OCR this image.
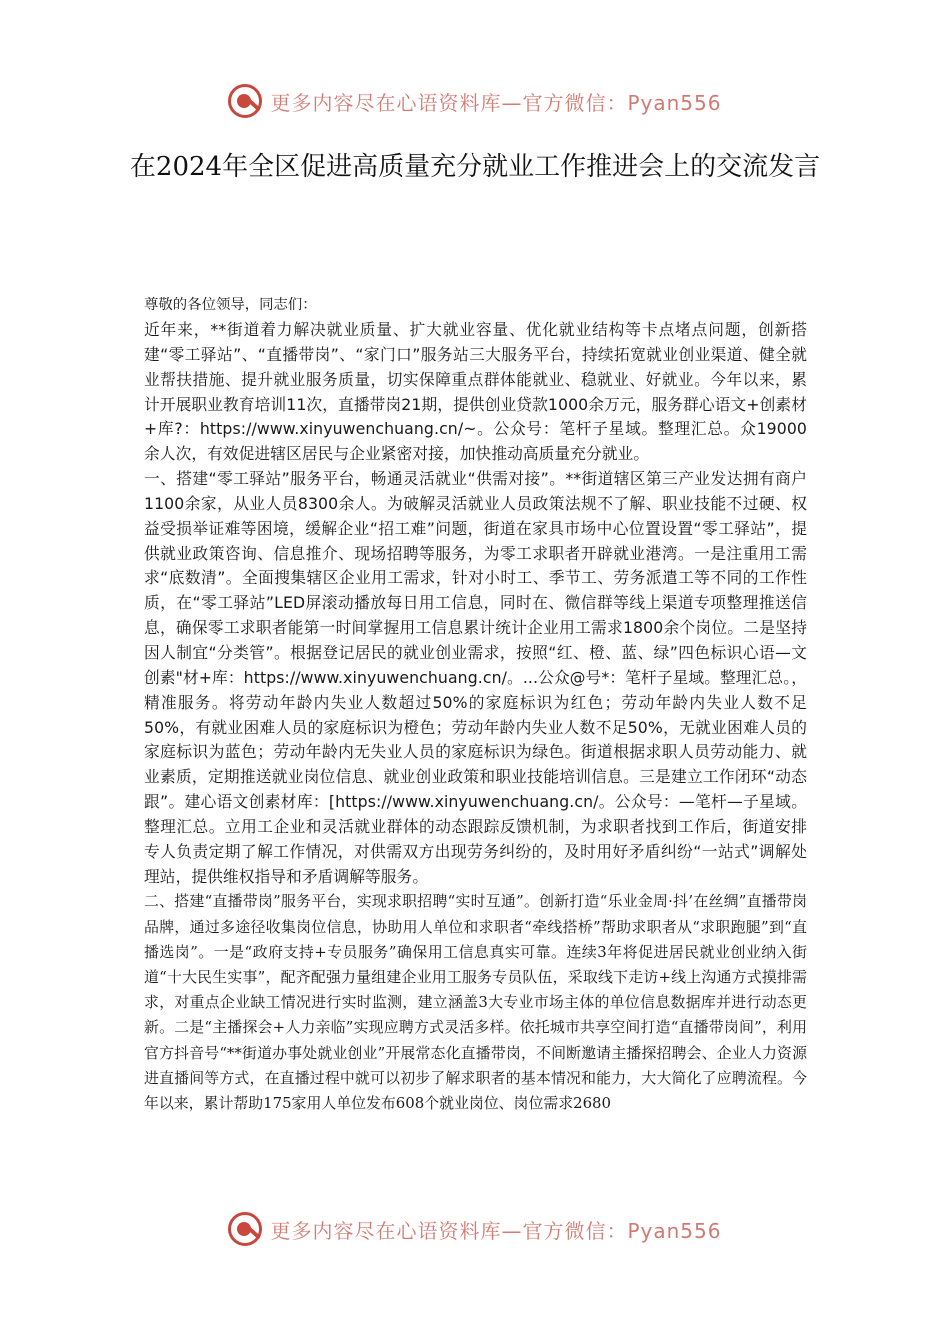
更多内容尽在心语资料库—官方微信：Pyan556
在2024年全区促进高质量充分就业工作推进会上的交流发言

尊敬的各位领导，同志们：

近年来，**街道着力解决就业质量、扩大就业容量、优化就业结构等卡点堵点问题，创新搭建“零工驿站”、“直播带岗”、“家门口”服务站三大服务平台，持续拓宽就业创业渠道、健全就业帮扶措施、提升就业服务质量，切实保障重点群体能就业、稳就业、好就业。今年以来，累计开展职业教育培训11次，直播带岗21期，提供创业贷款1000余万元，服务群心语文+创素材+库?：https://www.xinyuwenchuang.cn/~。公众号：笔杆子星域。整理汇总。众19000余人次，有效促进辖区居民与企业紧密对接，加快推动高质量充分就业。

一、搭建“零工驿站”服务平台，畅通灵活就业“供需对接”。**街道辖区第三产业发达拥有商户1100余家，从业人员8300余人。为破解灵活就业人员政策法规不了解、职业技能不过硬、权益受损举证难等困境，缓解企业“招工难”问题，街道在家具市场中心位置设置“零工驿站”，提供就业政策咨询、信息推介、现场招聘等服务，为零工求职者开辟就业港湾。一是注重用工需求“底数清”。全面搜集辖区企业用工需求，针对小时工、季节工、劳务派遣工等不同的工作性质，在“零工驿站”LED屏滚动播放每日用工信息，同时在、微信群等线上渠道专项整理推送信息，确保零工求职者能第一时间掌握用工信息累计统计企业用工需求1800余个岗位。二是坚持因人制宜“分类管”。根据登记居民的就业创业需求，按照“红、橙、蓝、绿”四色标识心语—文创素"材+库：https://www.xinyuwenchuang.cn/。...公众@号*：笔杆子星域。整理汇总。，精准服务。将劳动年龄内失业人数超过50%的家庭标识为红色；劳动年龄内失业人数不足50%，有就业困难人员的家庭标识为橙色；劳动年龄内失业人数不足50%，无就业困难人员的家庭标识为蓝色；劳动年龄内无失业人员的家庭标识为绿色。街道根据求职人员劳动能力、就业素质，定期推送就业岗位信息、就业创业政策和职业技能培训信息。三是建立工作闭环“动态跟”。建心语文创素材库：[https://www.xinyuwenchuang.cn/。公众号：—笔杆—子星域。整理汇总。立用工企业和灵活就业群体的动态跟踪反馈机制，为求职者找到工作后，街道安排专人负责定期了解工作情况，对供需双方出现劳务纠纷的，及时用好矛盾纠纷“一站式”调解处理站，提供维权指导和矛盾调解等服务。

二、搭建“直播带岗”服务平台，实现求职招聘“实时互通”。创新打造“乐业金周·抖’在丝绸”直播带岗品牌，通过多途径收集岗位信息，协助用人单位和求职者“牵线搭桥”帮助求职者从“求职跑腿”到“直播选岗”。一是“政府支持+专员服务”确保用工信息真实可靠。连续3年将促进居民就业创业纳入街道“十大民生实事”，配齐配强力量组建企业用工服务专员队伍，采取线下走访+线上沟通方式摸排需求，对重点企业缺工情况进行实时监测，建立涵盖3大专业市场主体的单位信息数据库并进行动态更新。二是“主播探会+人力亲临”实现应聘方式灵活多样。依托城市共享空间打造“直播带岗间”，利用官方抖音号“**街道办事处就业创业”开展常态化直播带岗，不间断邀请主播探招聘会、企业人力资源进直播间等方式，在直播过程中就可以初步了解求职者的基本情况和能力，大大简化了应聘流程。今年以来，累计帮助175家用人单位发布608个就业岗位、岗位需求2680

更多内容尽在心语资料库—官方微信：Pyan556
